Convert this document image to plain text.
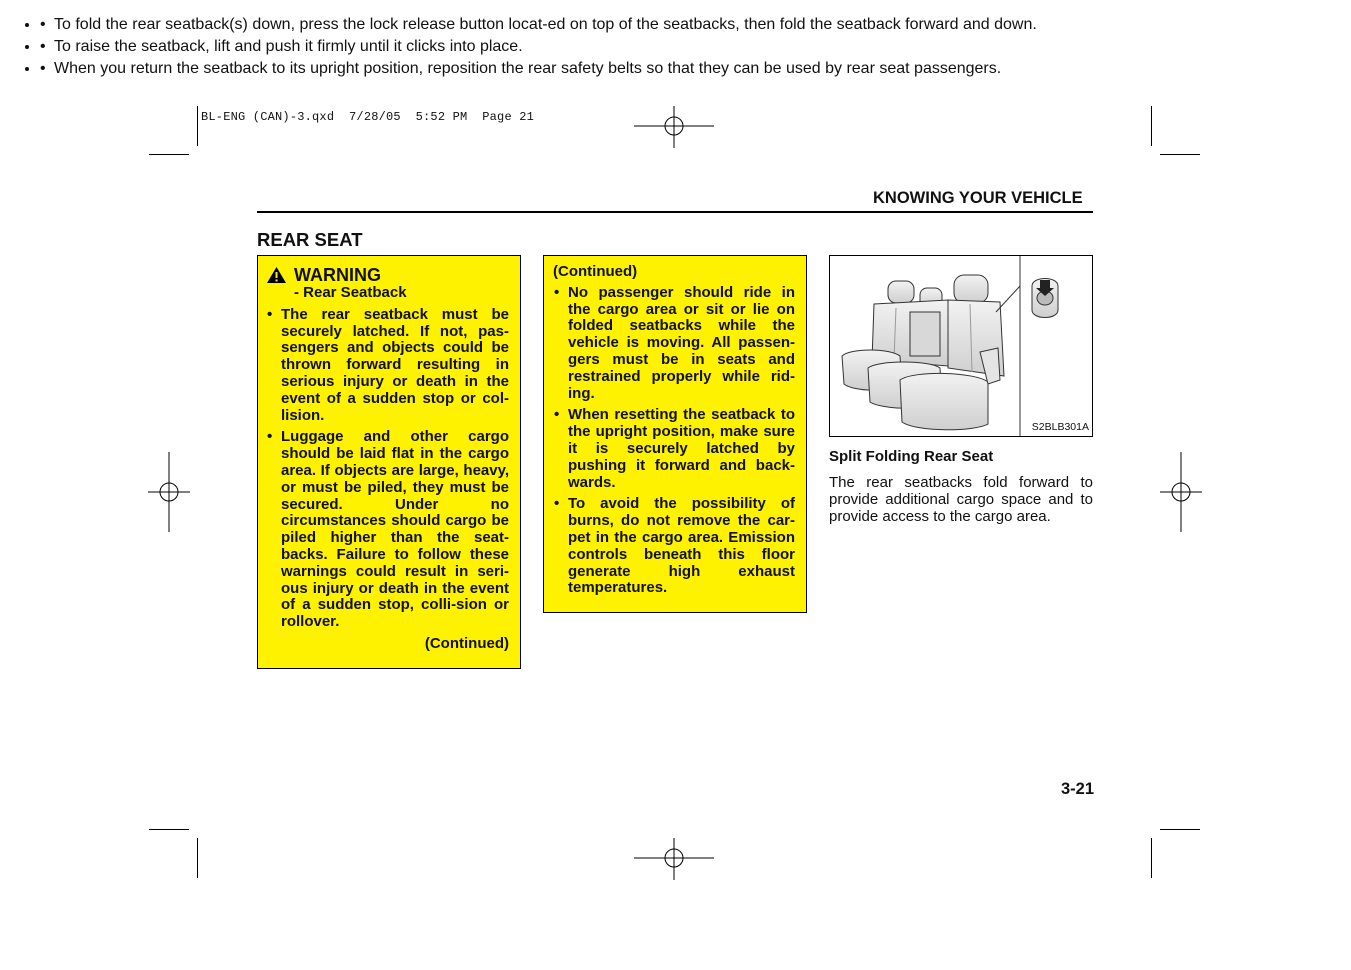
BL-ENG (CAN)-3.qxd  7/28/05  5:52 PM  Page 21
KNOWING YOUR VEHICLE
REAR SEAT
WARNING
- Rear Seatback
• The rear seatback must be securely latched. If not, pas-sengers and objects could be thrown forward resulting in serious injury or death in the event of a sudden stop or col-lision.
• Luggage and other cargo should be laid flat in the cargo area. If objects are large, heavy, or must be piled, they must be secured. Under no circumstances should cargo be piled higher than the seat-backs. Failure to follow these warnings could result in seri-ous injury or death in the event of a sudden stop, colli-sion or rollover.
(Continued)
(Continued)
• No passenger should ride in the cargo area or sit or lie on folded seatbacks while the vehicle is moving. All passen-gers must be in seats and restrained properly while rid-ing.
• When resetting the seatback to the upright position, make sure it is securely latched by pushing it forward and back-wards.
• To avoid the possibility of burns, do not remove the car-pet in the cargo area. Emission controls beneath this floor generate high exhaust temperatures.
S2BLB301A
Split Folding Rear Seat

The rear seatbacks fold forward to provide additional cargo space and to provide access to the cargo area.

• • To fold the rear seatback(s) down, press the lock release button locat-ed on top of the seatbacks, then fold the seatback forward and down.
• • To raise the seatback, lift and push it firmly until it clicks into place.
• • When you return the seatback to its upright position, reposition the rear safety belts so that they can be used by rear seat passengers.
3-21
